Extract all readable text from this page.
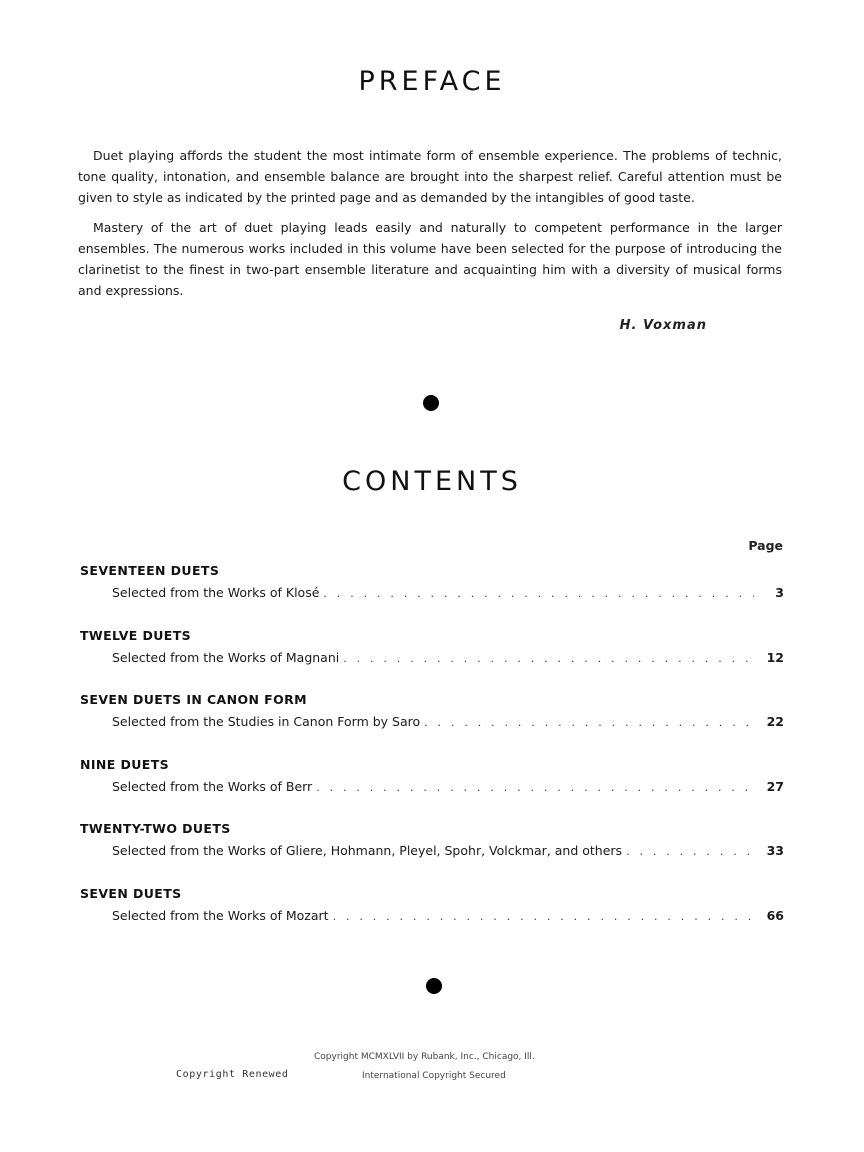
PREFACE

Duet playing affords the student the most intimate form of ensemble experience. The problems of technic, tone quality, intonation, and ensemble balance are brought into the sharpest relief. Careful attention must be given to style as indicated by the printed page and as demanded by the intangibles of good taste.

Mastery of the art of duet playing leads easily and naturally to competent performance in the larger ensembles. The numerous works included in this volume have been selected for the purpose of introducing the clarinetist to the finest in two-part ensemble literature and acquainting him with a diversity of musical forms and expressions.

H. Voxman
CONTENTS
Page
SEVENTEEN DUETS
Selected from the Works of Klosé . . .	3
TWELVE DUETS
Selected from the Works of Magnani . . .	12
SEVEN DUETS IN CANON FORM
Selected from the Studies in Canon Form by Saro . . .	22
NINE DUETS
Selected from the Works of Berr . . .	27
TWENTY-TWO DUETS
Selected from the Works of Gliere, Hohmann, Pleyel, Spohr, Volckmar, and others . . .	33
SEVEN DUETS
Selected from the Works of Mozart . . .	66
Copyright MCMXLVII by Rubank, Inc., Chicago, Ill.
Copyright Renewed	International Copyright Secured
